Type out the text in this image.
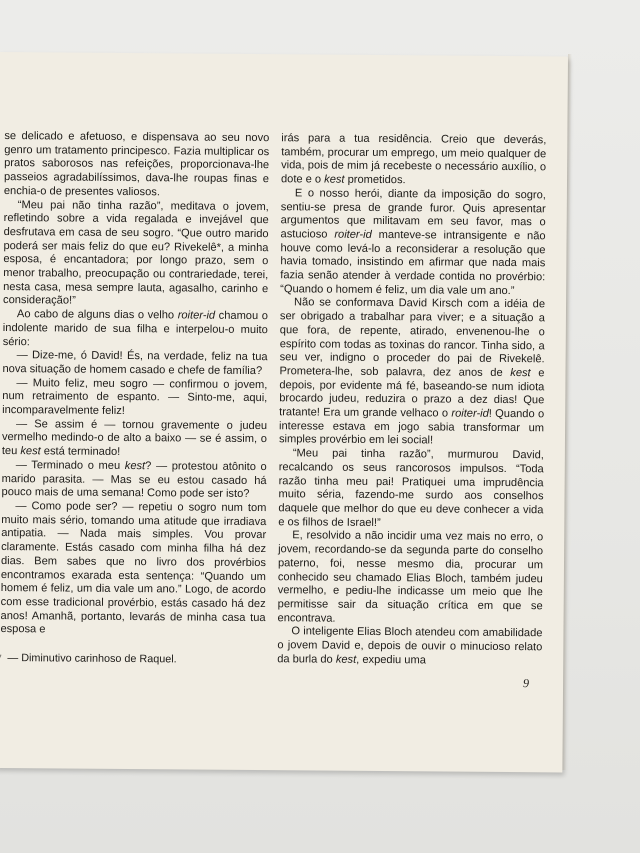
se delicado e afetuoso, e dispensava ao seu novo genro um tratamento principesco. Fazia multiplicar os pratos saborosos nas refeições, proporcionava-lhe passeios agradabilíssimos, dava-lhe roupas finas e enchia-o de presentes valiosos.

“Meu pai não tinha razão”, meditava o jovem, refletindo sobre a vida regalada e invejável que desfrutava em casa de seu sogro. “Que outro marido poderá ser mais feliz do que eu? Rivekelê*, a minha esposa, é encantadora; por longo prazo, sem o menor trabalho, preocupação ou contrariedade, terei, nesta casa, mesa sempre lauta, agasalho, carinho e consideração!”

Ao cabo de alguns dias o velho roiter-id chamou o indolente marido de sua filha e interpelou-o muito sério:

— Dize-me, ó David! És, na verdade, feliz na tua nova situação de homem casado e chefe de família?

— Muito feliz, meu sogro — confirmou o jovem, num retraimento de espanto. — Sinto-me, aqui, incomparavelmente feliz!

— Se assim é — tornou gravemente o judeu vermelho medindo-o de alto a baixo — se é assim, o teu kest está terminado!

— Terminado o meu kest? — protestou atônito o marido parasita. — Mas se eu estou casado há pouco mais de uma semana! Como pode ser isto?

— Como pode ser? — repetiu o sogro num tom muito mais sério, tomando uma atitude que irradiava antipatia. — Nada mais simples. Vou provar claramente. Estás casado com minha filha há dez dias. Bem sabes que no livro dos provérbios encontramos exarada esta sentença: “Quando um homem é feliz, um dia vale um ano.” Logo, de acordo com esse tradicional provérbio, estás casado há dez anos! Amanhã, portanto, levarás de minha casa tua esposa e

irás para a tua residência. Creio que deverás, também, procurar um emprego, um meio qualquer de vida, pois de mim já recebeste o necessário auxílio, o dote e o kest prometidos.

E o nosso herói, diante da imposição do sogro, sentiu-se presa de grande furor. Quis apresentar argumentos que militavam em seu favor, mas o astucioso roiter-id manteve-se intransigente e não houve como levá-lo a reconsiderar a resolução que havia tomado, insistindo em afirmar que nada mais fazia senão atender à verdade contida no provérbio: “Quando o homem é feliz, um dia vale um ano.”

Não se conformava David Kirsch com a idéia de ser obrigado a trabalhar para viver; e a situação a que fora, de repente, atirado, envenenou-lhe o espírito com todas as toxinas do rancor. Tinha sido, a seu ver, indigno o proceder do pai de Rivekelê. Prometera-lhe, sob palavra, dez anos de kest e depois, por evidente má fé, baseando-se num idiota brocardo judeu, reduzira o prazo a dez dias! Que tratante! Era um grande velhaco o roiter-id! Quando o interesse estava em jogo sabia transformar um simples provérbio em lei social!

“Meu pai tinha razão”, murmurou David, recalcando os seus rancorosos impulsos. “Toda razão tinha meu pai! Pratiquei uma imprudência muito séria, fazendo-me surdo aos conselhos daquele que melhor do que eu deve conhecer a vida e os filhos de Israel!”

E, resolvido a não incidir uma vez mais no erro, o jovem, recordando-se da segunda parte do conselho paterno, foi, nesse mesmo dia, procurar um conhecido seu chamado Elias Bloch, também judeu vermelho, e pediu-lhe indicasse um meio que lhe permitisse sair da situação crítica em que se encontrava.

O inteligente Elias Bloch atendeu com amabilidade o jovem David e, depois de ouvir o minucioso relato da burla do kest, expediu uma

— Diminutivo carinhoso de Raquel.
9
